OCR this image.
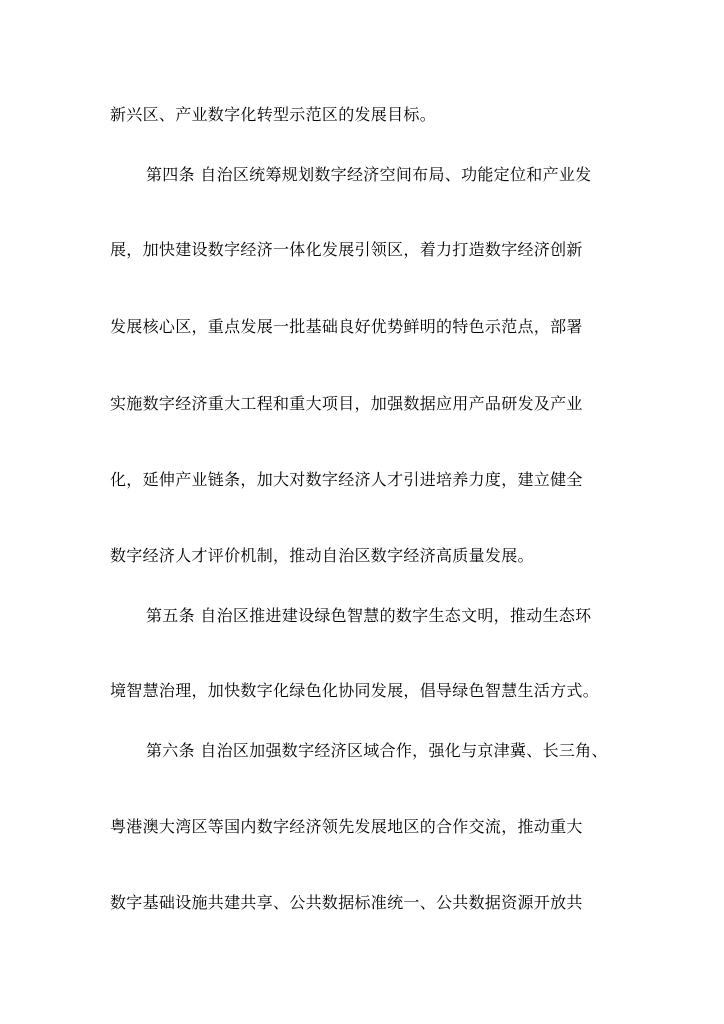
新兴区、产业数字化转型示范区的发展目标。
第四条 自治区统筹规划数字经济空间布局、功能定位和产业发
展，加快建设数字经济一体化发展引领区，着力打造数字经济创新
发展核心区，重点发展一批基础良好优势鲜明的特色示范点，部署
实施数字经济重大工程和重大项目，加强数据应用产品研发及产业
化，延伸产业链条，加大对数字经济人才引进培养力度，建立健全
数字经济人才评价机制，推动自治区数字经济高质量发展。
第五条 自治区推进建设绿色智慧的数字生态文明，推动生态环
境智慧治理，加快数字化绿色化协同发展，倡导绿色智慧生活方式。
第六条 自治区加强数字经济区域合作，强化与京津冀、长三角、
粤港澳大湾区等国内数字经济领先发展地区的合作交流，推动重大
数字基础设施共建共享、公共数据标准统一、公共数据资源开放共
